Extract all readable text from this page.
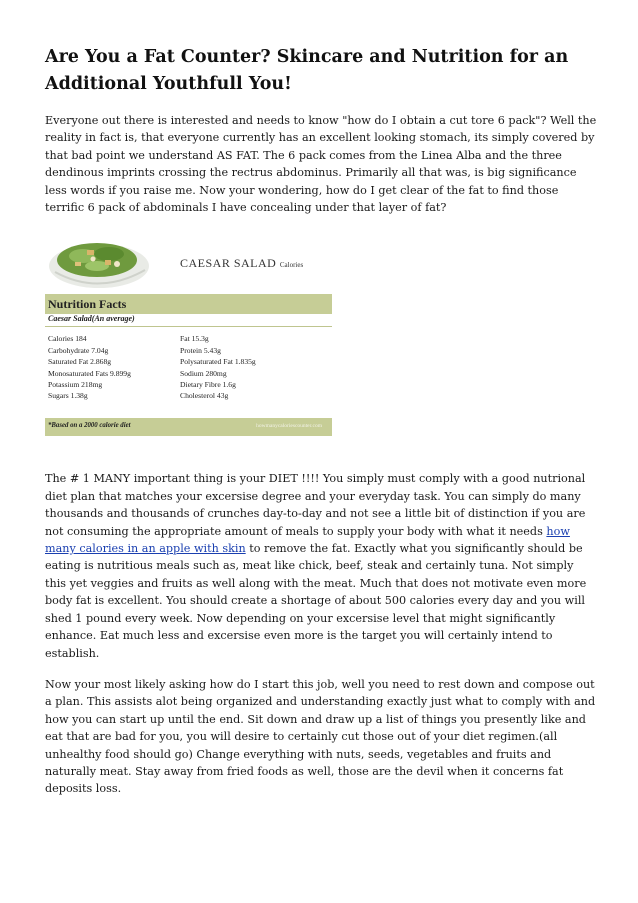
Are You a Fat Counter? Skincare and Nutrition for an Additional Youthfull You!

Everyone out there is interested and needs to know "how do I obtain a cut tore 6 pack"? Well the reality in fact is, that everyone currently has an excellent looking stomach, its simply covered by that bad point we understand AS FAT. The 6 pack comes from the Linea Alba and the three dendinous imprints crossing the rectrus abdominus. Primarily all that was, is big significance less words if you raise me. Now your wondering, how do I get clear of the fat to find those terrific 6 pack of abdominals I have concealing under that layer of fat?

CAESAR SALAD Calories
Nutrition Facts
Caesar Salad(An average)
Calories 184
Carbohydrate 7.04g
Saturated Fat 2.868g
Monosaturated Fats 9.899g
Potassium 218mg
Sugars 1.38g
Fat 15.3g
Protein 5.43g
Polysaturated Fat 1.835g
Sodium 280mg
Dietary Fibre 1.6g
Cholesterol 43g
*Based on a 2000 calorie diet	howmanycaloriescounter.com

The # 1 MANY important thing is your DIET !!!! You simply must comply with a good nutrional diet plan that matches your excersise degree and your everyday task. You can simply do many thousands and thousands of crunches day-to-day and not see a little bit of distinction if you are not consuming the appropriate amount of meals to supply your body with what it needs how many calories in an apple with skin to remove the fat. Exactly what you significantly should be eating is nutritious meals such as, meat like chick, beef, steak and certainly tuna. Not simply this yet veggies and fruits as well along with the meat. Much that does not motivate even more body fat is excellent. You should create a shortage of about 500 calories every day and you will shed 1 pound every week. Now depending on your excersise level that might significantly enhance. Eat much less and excersise even more is the target you will certainly intend to establish.

Now your most likely asking how do I start this job, well you need to rest down and compose out a plan. This assists alot being organized and understanding exactly just what to comply with and how you can start up until the end. Sit down and draw up a list of things you presently like and eat that are bad for you, you will desire to certainly cut those out of your diet regimen.(all unhealthy food should go) Change everything with nuts, seeds, vegetables and fruits and naturally meat. Stay away from fried foods as well, those are the devil when it concerns fat deposits loss.
